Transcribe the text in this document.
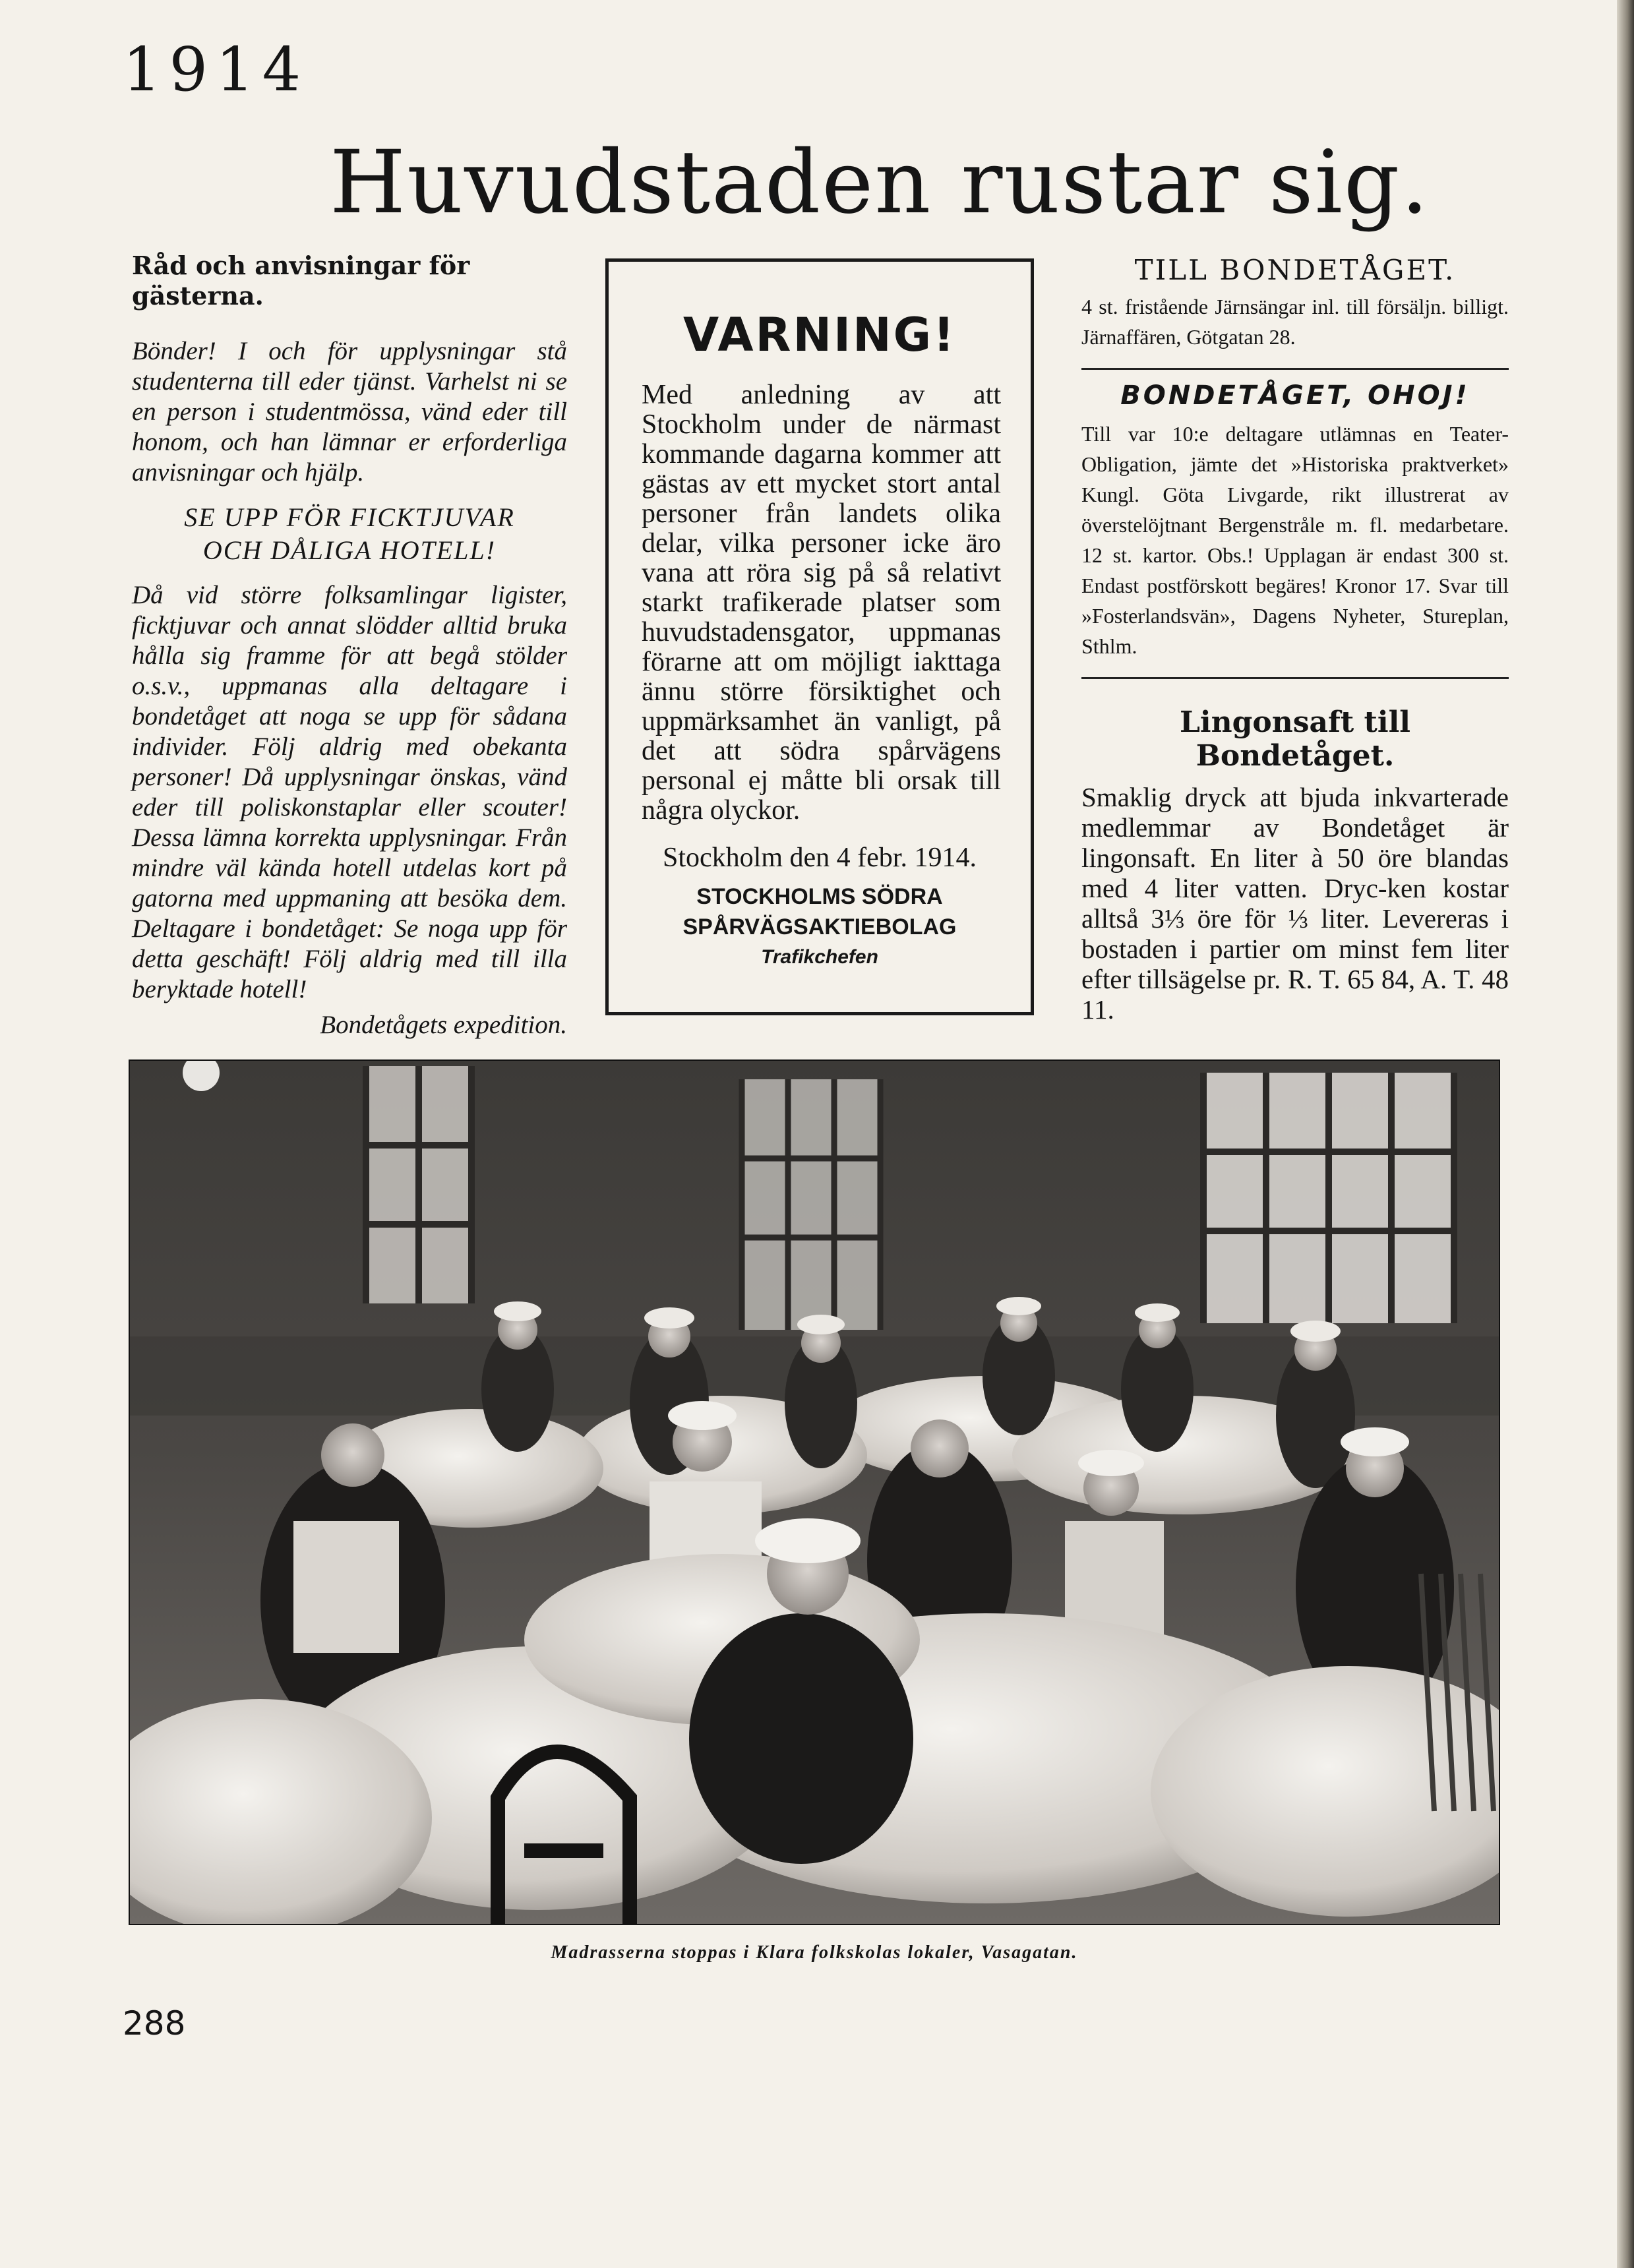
1914
Huvudstaden rustar sig.
Råd och anvisningar för gästerna.
Bönder! I och för upplysningar stå studenterna till eder tjänst. Varhelst ni se en person i studentmössa, vänd eder till honom, och han lämnar er erforderliga anvisningar och hjälp.
SE UPP FÖR FICKTJUVAR
OCH DÅLIGA HOTELL!
Då vid större folksamlingar ligister, ficktjuvar och annat slödder alltid bruka hålla sig framme för att begå stölder o.s.v., uppmanas alla deltagare i bondetåget att noga se upp för sådana individer. Följ aldrig med obekanta personer! Då upplysningar önskas, vänd eder till poliskonstaplar eller scouter! Dessa lämna korrekta upplysningar. Från mindre väl kända hotell utdelas kort på gatorna med uppmaning att besöka dem. Deltagare i bondetåget: Se noga upp för detta geschäft! Följ aldrig med till illa beryktade hotell!
Bondetågets expedition.
VARNING!
Med anledning av att Stockholm under de närmast kommande dagarna kommer att gästas av ett mycket stort antal personer från landets olika delar, vilka personer icke äro vana att röra sig på så relativt starkt trafikerade platser som huvudstadensgator, uppmanas förarne att om möjligt iakttaga ännu större försiktighet och uppmärksamhet än vanligt, på det att södra spårvägens personal ej måtte bli orsak till några olyckor.
Stockholm den 4 febr. 1914.
STOCKHOLMS SÖDRA
SPÅRVÄGSAKTIEBOLAG
Trafikchefen
TILL BONDETÅGET.
4 st. fristående Järnsängar inl. till försäljn. billigt. Järnaffären, Götgatan 28.
BONDETÅGET, OHOJ!
Till var 10:e deltagare utlämnas en Teater-Obligation, jämte det »Historiska praktverket» Kungl. Göta Livgarde, rikt illustrerat av överstelöjtnant Bergenstråle m. fl. medarbetare. 12 st. kartor. Obs.! Upplagan är endast 300 st. Endast postförskott begäres! Kronor 17. Svar till »Fosterlandsvän», Dagens Nyheter, Stureplan, Sthlm.
Lingonsaft till Bondetåget.
Smaklig dryck att bjuda inkvarterade medlemmar av Bondetåget är lingonsaft. En liter à 50 öre blandas med 4 liter vatten. Dryc-ken kostar alltså 3⅓ öre för ⅓ liter. Levereras i bostaden i partier om minst fem liter efter tillsägelse pr. R. T. 65 84, A. T. 48 11.
Madrasserna stoppas i Klara folkskolas lokaler, Vasagatan.
288
